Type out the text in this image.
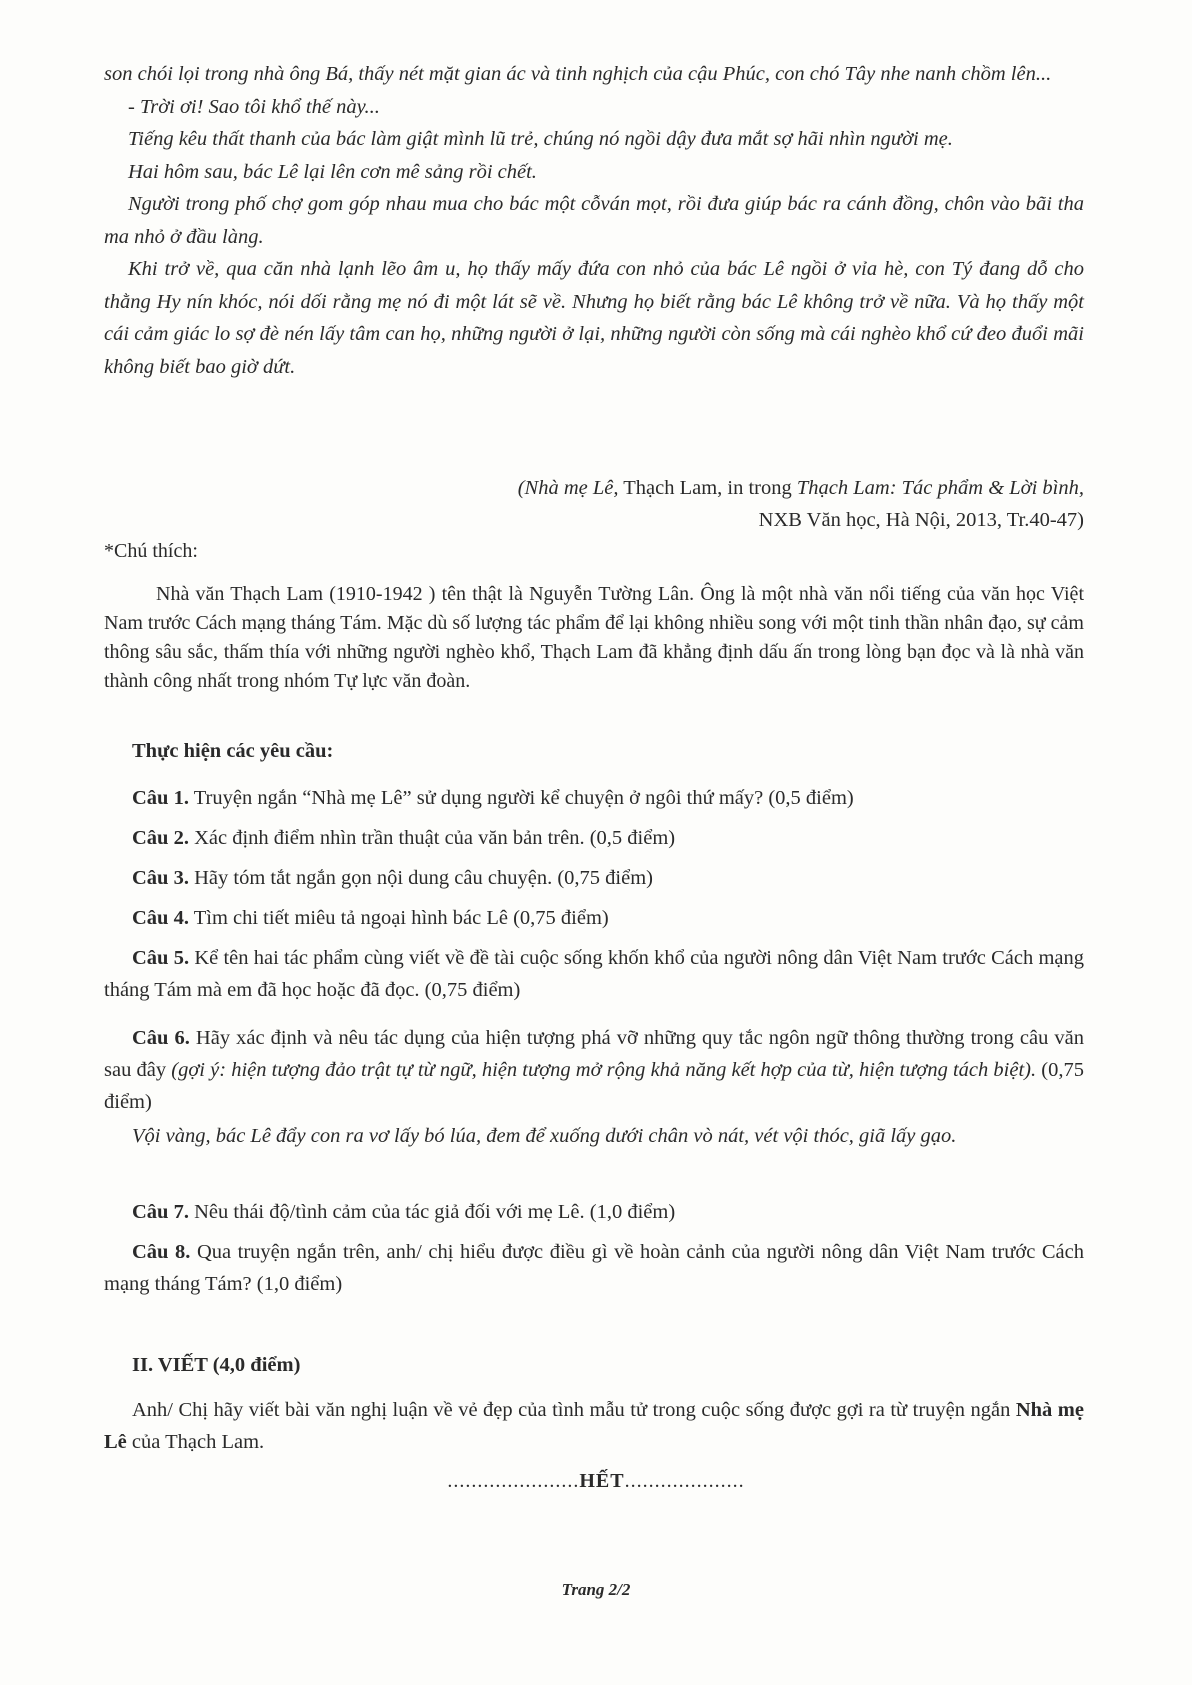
son chói lọi trong nhà ông Bá, thấy nét mặt gian ác và tinh nghịch của cậu Phúc, con chó Tây nhe nanh chồm lên...

- Trời ơi! Sao tôi khổ thế này...

Tiếng kêu thất thanh của bác làm giật mình lũ trẻ, chúng nó ngồi dậy đưa mắt sợ hãi nhìn người mẹ.

Hai hôm sau, bác Lê lại lên cơn mê sảng rồi chết.

Người trong phố chợ gom góp nhau mua cho bác một cỗván mọt, rồi đưa giúp bác ra cánh đồng, chôn vào bãi tha ma nhỏ ở đầu làng.

Khi trở về, qua căn nhà lạnh lẽo âm u, họ thấy mấy đứa con nhỏ của bác Lê ngồi ở vỉa hè, con Tý đang dỗ cho thằng Hy nín khóc, nói dối rằng mẹ nó đi một lát sẽ về. Nhưng họ biết rằng bác Lê không trở về nữa. Và họ thấy một cái cảm giác lo sợ đè nén lấy tâm can họ, những người ở lại, những người còn sống mà cái nghèo khổ cứ đeo đuổi mãi không biết bao giờ dứt.

(Nhà mẹ Lê, Thạch Lam, in trong Thạch Lam: Tác phẩm & Lời bình,
NXB Văn học, Hà Nội, 2013, Tr.40-47)
*Chú thích:

Nhà văn Thạch Lam (1910-1942 ) tên thật là Nguyễn Tường Lân. Ông là một nhà văn nổi tiếng của văn học Việt Nam trước Cách mạng tháng Tám. Mặc dù số lượng tác phẩm để lại không nhiều song với một tinh thần nhân đạo, sự cảm thông sâu sắc, thấm thía với những người nghèo khổ, Thạch Lam đã khẳng định dấu ấn trong lòng bạn đọc và là nhà văn thành công nhất trong nhóm Tự lực văn đoàn.

Thực hiện các yêu cầu:

Câu 1. Truyện ngắn “Nhà mẹ Lê” sử dụng người kể chuyện ở ngôi thứ mấy? (0,5 điểm)

Câu 2. Xác định điểm nhìn trần thuật của văn bản trên. (0,5 điểm)

Câu 3. Hãy tóm tắt ngắn gọn nội dung câu chuyện. (0,75 điểm)

Câu 4. Tìm chi tiết miêu tả ngoại hình bác Lê (0,75 điểm)

Câu 5. Kể tên hai tác phẩm cùng viết về đề tài cuộc sống khốn khổ của người nông dân Việt Nam trước Cách mạng tháng Tám mà em đã học hoặc đã đọc. (0,75 điểm)

Câu 6. Hãy xác định và nêu tác dụng của hiện tượng phá vỡ những quy tắc ngôn ngữ thông thường trong câu văn sau đây (gợi ý: hiện tượng đảo trật tự từ ngữ, hiện tượng mở rộng khả năng kết hợp của từ, hiện tượng tách biệt). (0,75 điểm)

Vội vàng, bác Lê đẩy con ra vơ lấy bó lúa, đem để xuống dưới chân vò nát, vét vội thóc, giã lấy gạo.

Câu 7. Nêu thái độ/tình cảm của tác giả đối với mẹ Lê. (1,0 điểm)

Câu 8. Qua truyện ngắn trên, anh/ chị hiểu được điều gì về hoàn cảnh của người nông dân Việt Nam trước Cách mạng tháng Tám? (1,0 điểm)

II. VIẾT (4,0 điểm)

Anh/ Chị hãy viết bài văn nghị luận về vẻ đẹp của tình mẫu tử trong cuộc sống được gợi ra từ truyện ngắn Nhà mẹ Lê của Thạch Lam.

......................HẾT....................
Trang 2/2
